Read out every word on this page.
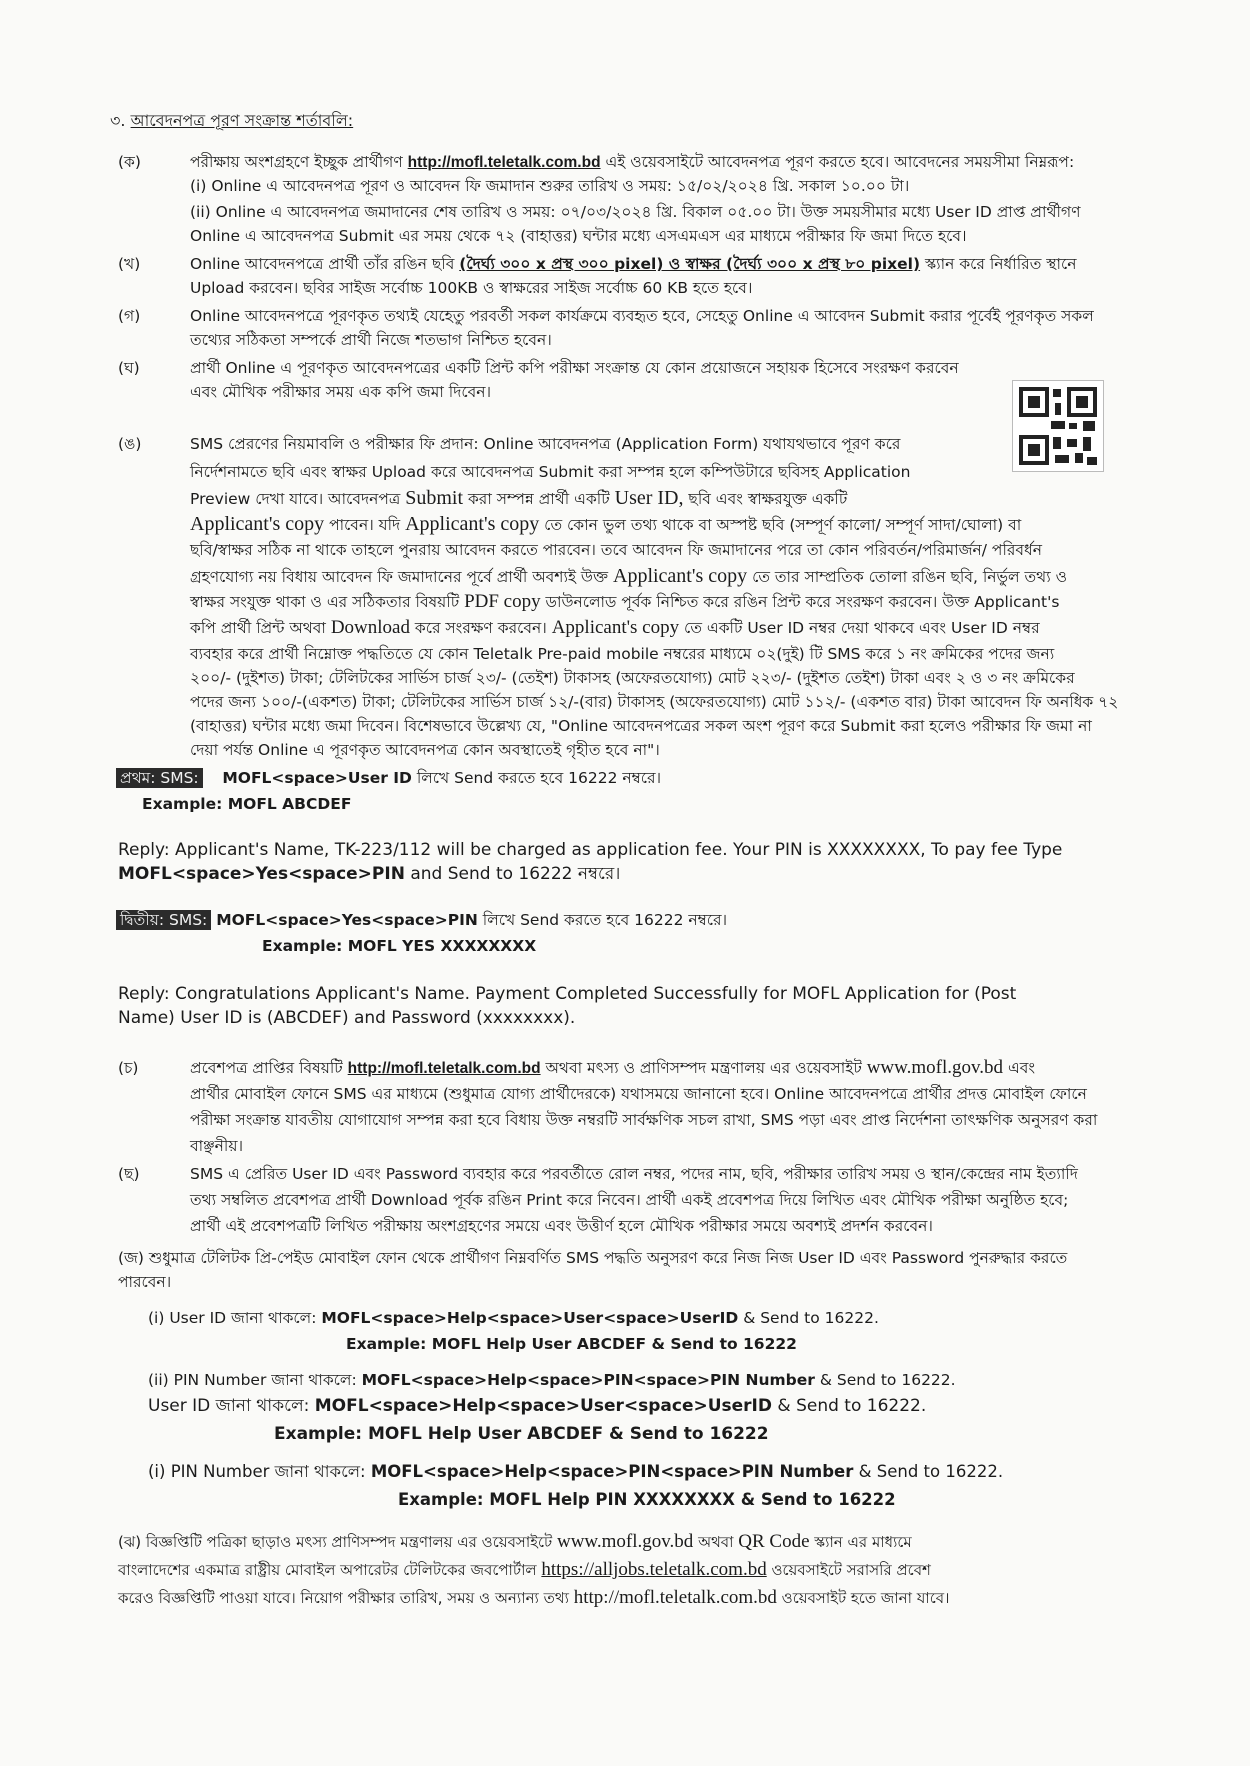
৩. আবেদনপত্র পূরণ সংক্রান্ত শর্তাবলি:
(ক)	পরীক্ষায় অংশগ্রহণে ইচ্ছুক প্রার্থীগণ http://mofl.teletalk.com.bd এই ওয়েবসাইটে আবেদনপত্র পূরণ করতে হবে। আবেদনের সময়সীমা নিম্নরূপ:
(i) Online এ আবেদনপত্র পূরণ ও আবেদন ফি জমাদান শুরুর তারিখ ও সময়: ১৫/০২/২০২৪ খ্রি. সকাল ১০.০০ টা।
(ii) Online এ আবেদনপত্র জমাদানের শেষ তারিখ ও সময়: ০৭/০৩/২০২৪ খ্রি. বিকাল ০৫.০০ টা। উক্ত সময়সীমার মধ্যে User ID প্রাপ্ত প্রার্থীগণ
Online এ আবেদনপত্র Submit এর সময় থেকে ৭২ (বাহাত্তর) ঘন্টার মধ্যে এসএমএস এর মাধ্যমে পরীক্ষার ফি জমা দিতে হবে।
(খ)	Online আবেদনপত্রে প্রার্থী তাঁর রঙিন ছবি (দৈর্ঘ্য ৩০০ x প্রস্থ ৩০০ pixel) ও স্বাক্ষর (দৈর্ঘ্য ৩০০ x প্রস্থ ৮০ pixel) স্ক্যান করে নির্ধারিত স্থানে
Upload করবেন। ছবির সাইজ সর্বোচ্চ 100KB ও স্বাক্ষরের সাইজ সর্বোচ্চ 60 KB হতে হবে।
(গ)	Online আবেদনপত্রে পূরণকৃত তথ্যই যেহেতু পরবর্তী সকল কার্যক্রমে ব্যবহৃত হবে, সেহেতু Online এ আবেদন Submit করার পূর্বেই পূরণকৃত সকল
তথ্যের সঠিকতা সম্পর্কে প্রার্থী নিজে শতভাগ নিশ্চিত হবেন।
(ঘ)	প্রার্থী Online এ পূরণকৃত আবেদনপত্রের একটি প্রিন্ট কপি পরীক্ষা সংক্রান্ত যে কোন প্রয়োজনে সহায়ক হিসেবে সংরক্ষণ করবেন
এবং মৌখিক পরীক্ষার সময় এক কপি জমা দিবেন।
(ঙ)	SMS প্রেরণের নিয়মাবলি ও পরীক্ষার ফি প্রদান: Online আবেদনপত্র (Application Form) যথাযথভাবে পূরণ করে
নির্দেশনামতে ছবি এবং স্বাক্ষর Upload করে আবেদনপত্র Submit করা সম্পন্ন হলে কম্পিউটারে ছবিসহ Application
Preview দেখা যাবে। আবেদনপত্র Submit করা সম্পন্ন প্রার্থী একটি User ID, ছবি এবং স্বাক্ষরযুক্ত একটি
Applicant's copy পাবেন। যদি Applicant's copy তে কোন ভুল তথ্য থাকে বা অস্পষ্ট ছবি (সম্পূর্ণ কালো/ সম্পূর্ণ সাদা/ঘোলা) বা
ছবি/স্বাক্ষর সঠিক না থাকে তাহলে পুনরায় আবেদন করতে পারবেন। তবে আবেদন ফি জমাদানের পরে তা কোন পরিবর্তন/পরিমার্জন/ পরিবর্ধন
গ্রহণযোগ্য নয় বিধায় আবেদন ফি জমাদানের পূর্বে প্রার্থী অবশ্যই উক্ত Applicant's copy তে তার সাম্প্রতিক তোলা রঙিন ছবি, নির্ভুল তথ্য ও
স্বাক্ষর সংযুক্ত থাকা ও এর সঠিকতার বিষয়টি PDF copy ডাউনলোড পূর্বক নিশ্চিত করে রঙিন প্রিন্ট করে সংরক্ষণ করবেন। উক্ত Applicant's
কপি প্রার্থী প্রিন্ট অথবা Download করে সংরক্ষণ করবেন। Applicant's copy তে একটি User ID নম্বর দেয়া থাকবে এবং User ID নম্বর
ব্যবহার করে প্রার্থী নিম্নোক্ত পদ্ধতিতে যে কোন Teletalk Pre-paid mobile নম্বরের মাধ্যমে ০২(দুই) টি SMS করে ১ নং ক্রমিকের পদের জন্য
২০০/- (দুইশত) টাকা; টেলিটকের সার্ভিস চার্জ ২৩/- (তেইশ) টাকাসহ (অফেরতযোগ্য) মোট ২২৩/- (দুইশত তেইশ) টাকা এবং ২ ও ৩ নং ক্রমিকের
পদের জন্য ১০০/-(একশত) টাকা; টেলিটকের সার্ভিস চার্জ ১২/-(বার) টাকাসহ (অফেরতযোগ্য) মোট ১১২/- (একশত বার) টাকা আবেদন ফি অনধিক ৭২
(বাহাত্তর) ঘন্টার মধ্যে জমা দিবেন। বিশেষভাবে উল্লেখ্য যে, "Online আবেদনপত্রের সকল অংশ পূরণ করে Submit করা হলেও পরীক্ষার ফি জমা না
দেয়া পর্যন্ত Online এ পূরণকৃত আবেদনপত্র কোন অবস্থাতেই গৃহীত হবে না"।
প্রথম: SMS: MOFL<space>User ID লিখে Send করতে হবে 16222 নম্বরে।
Example: MOFL ABCDEF
Reply: Applicant's Name, TK-223/112 will be charged as application fee. Your PIN is XXXXXXXX, To pay fee Type
MOFL<space>Yes<space>PIN and Send to 16222 নম্বরে।
দ্বিতীয়: SMS: MOFL<space>Yes<space>PIN লিখে Send করতে হবে 16222 নম্বরে।
Example: MOFL YES XXXXXXXX
Reply: Congratulations Applicant's Name. Payment Completed Successfully for MOFL Application for (Post
Name) User ID is (ABCDEF) and Password (xxxxxxxx).
(চ)	প্রবেশপত্র প্রাপ্তির বিষয়টি http://mofl.teletalk.com.bd অথবা মৎস্য ও প্রাণিসম্পদ মন্ত্রণালয় এর ওয়েবসাইট www.mofl.gov.bd এবং
প্রার্থীর মোবাইল ফোনে SMS এর মাধ্যমে (শুধুমাত্র যোগ্য প্রার্থীদেরকে) যথাসময়ে জানানো হবে। Online আবেদনপত্রে প্রার্থীর প্রদত্ত মোবাইল ফোনে
পরীক্ষা সংক্রান্ত যাবতীয় যোগাযোগ সম্পন্ন করা হবে বিধায় উক্ত নম্বরটি সার্বক্ষণিক সচল রাখা, SMS পড়া এবং প্রাপ্ত নির্দেশনা তাৎক্ষণিক অনুসরণ করা
বাঞ্ছনীয়।
(ছ)	SMS এ প্রেরিত User ID এবং Password ব্যবহার করে পরবর্তীতে রোল নম্বর, পদের নাম, ছবি, পরীক্ষার তারিখ সময় ও স্থান/কেন্দ্রের নাম ইত্যাদি
তথ্য সম্বলিত প্রবেশপত্র প্রার্থী Download পূর্বক রঙিন Print করে নিবেন। প্রার্থী একই প্রবেশপত্র দিয়ে লিখিত এবং মৌখিক পরীক্ষা অনুষ্ঠিত হবে;
প্রার্থী এই প্রবেশপত্রটি লিখিত পরীক্ষায় অংশগ্রহণের সময়ে এবং উত্তীর্ণ হলে মৌখিক পরীক্ষার সময়ে অবশ্যই প্রদর্শন করবেন।
(জ) শুধুমাত্র টেলিটক প্রি-পেইড মোবাইল ফোন থেকে প্রার্থীগণ নিম্নবর্ণিত SMS পদ্ধতি অনুসরণ করে নিজ নিজ User ID এবং Password পুনরুদ্ধার করতে
পারবেন।
(i) User ID জানা থাকলে: MOFL<space>Help<space>User<space>UserID & Send to 16222.
Example: MOFL Help User ABCDEF & Send to 16222
(ii) PIN Number জানা থাকলে: MOFL<space>Help<space>PIN<space>PIN Number & Send to 16222.
User ID জানা থাকলে: MOFL<space>Help<space>User<space>UserID & Send to 16222.
Example: MOFL Help User ABCDEF & Send to 16222
(i) PIN Number জানা থাকলে: MOFL<space>Help<space>PIN<space>PIN Number & Send to 16222.
Example: MOFL Help PIN XXXXXXXX & Send to 16222
(ঝ) বিজ্ঞপ্তিটি পত্রিকা ছাড়াও মৎস্য প্রাণিসম্পদ মন্ত্রণালয় এর ওয়েবসাইটে www.mofl.gov.bd অথবা QR Code স্ক্যান এর মাধ্যমে
বাংলাদেশের একমাত্র রাষ্ট্রীয় মোবাইল অপারেটর টেলিটকের জবপোর্টাল https://alljobs.teletalk.com.bd ওয়েবসাইটে সরাসরি প্রবেশ
করেও বিজ্ঞপ্তিটি পাওয়া যাবে। নিয়োগ পরীক্ষার তারিখ, সময় ও অন্যান্য তথ্য http://mofl.teletalk.com.bd ওয়েবসাইট হতে জানা যাবে।
